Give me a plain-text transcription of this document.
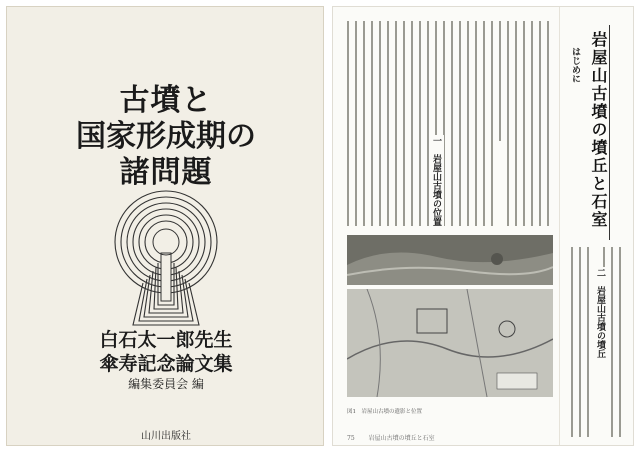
古墳と
国家形成期の
諸問題
白石太一郎先生
傘寿記念論文集
編集委員会 編
山川出版社
岩屋山古墳の墳丘と石室
はじめに
一　岩屋山古墳の位置
二　岩屋山古墳の墳丘
図1　岩屋山古墳の遺影と位置
75 岩屋山古墳の墳丘と石室
